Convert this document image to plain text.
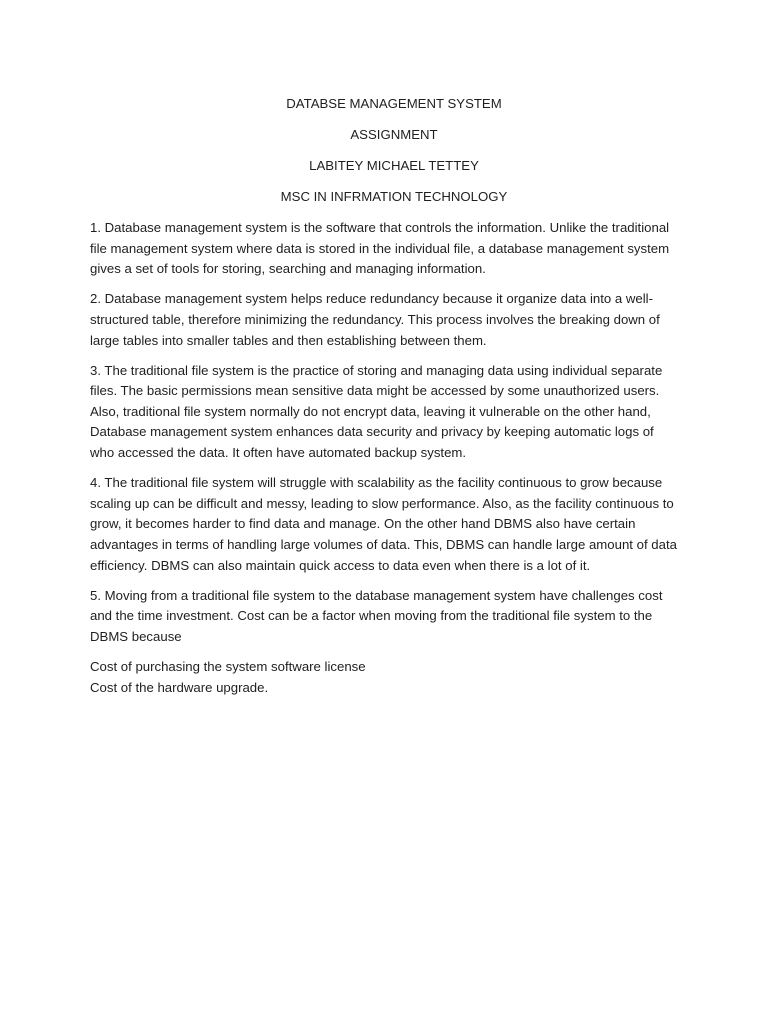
DATABSE MANAGEMENT SYSTEM
ASSIGNMENT
LABITEY MICHAEL TETTEY
MSC IN INFRMATION TECHNOLOGY

1. Database management system is the software that controls the information. Unlike the traditional file management system where data is stored in the individual file, a database management system gives a set of tools for storing, searching and managing information.

2. Database management system helps reduce redundancy because it organize data into a well-structured table, therefore minimizing the redundancy. This process involves the breaking down of large tables into smaller tables and then establishing between them.

3. The traditional file system is the practice of storing and managing data using individual separate files. The basic permissions mean sensitive data might be accessed by some unauthorized users. Also, traditional file system normally do not encrypt data, leaving it vulnerable on the other hand, Database management system enhances data security and privacy by keeping automatic logs of who accessed the data. It often have automated backup system.

4. The traditional file system will struggle with scalability as the facility continuous to grow because scaling up can be difficult and messy, leading to slow performance. Also, as the facility continuous to grow, it becomes harder to find data and manage. On the other hand DBMS also have certain advantages in terms of handling large volumes of data. This, DBMS can handle large amount of data efficiency. DBMS can also maintain quick access to data even when there is a lot of it.

5. Moving from a traditional file system to the database management system have challenges cost and the time investment. Cost can be a factor when moving from the traditional file system to the DBMS because

Cost of purchasing the system software license
Cost of the hardware upgrade.
